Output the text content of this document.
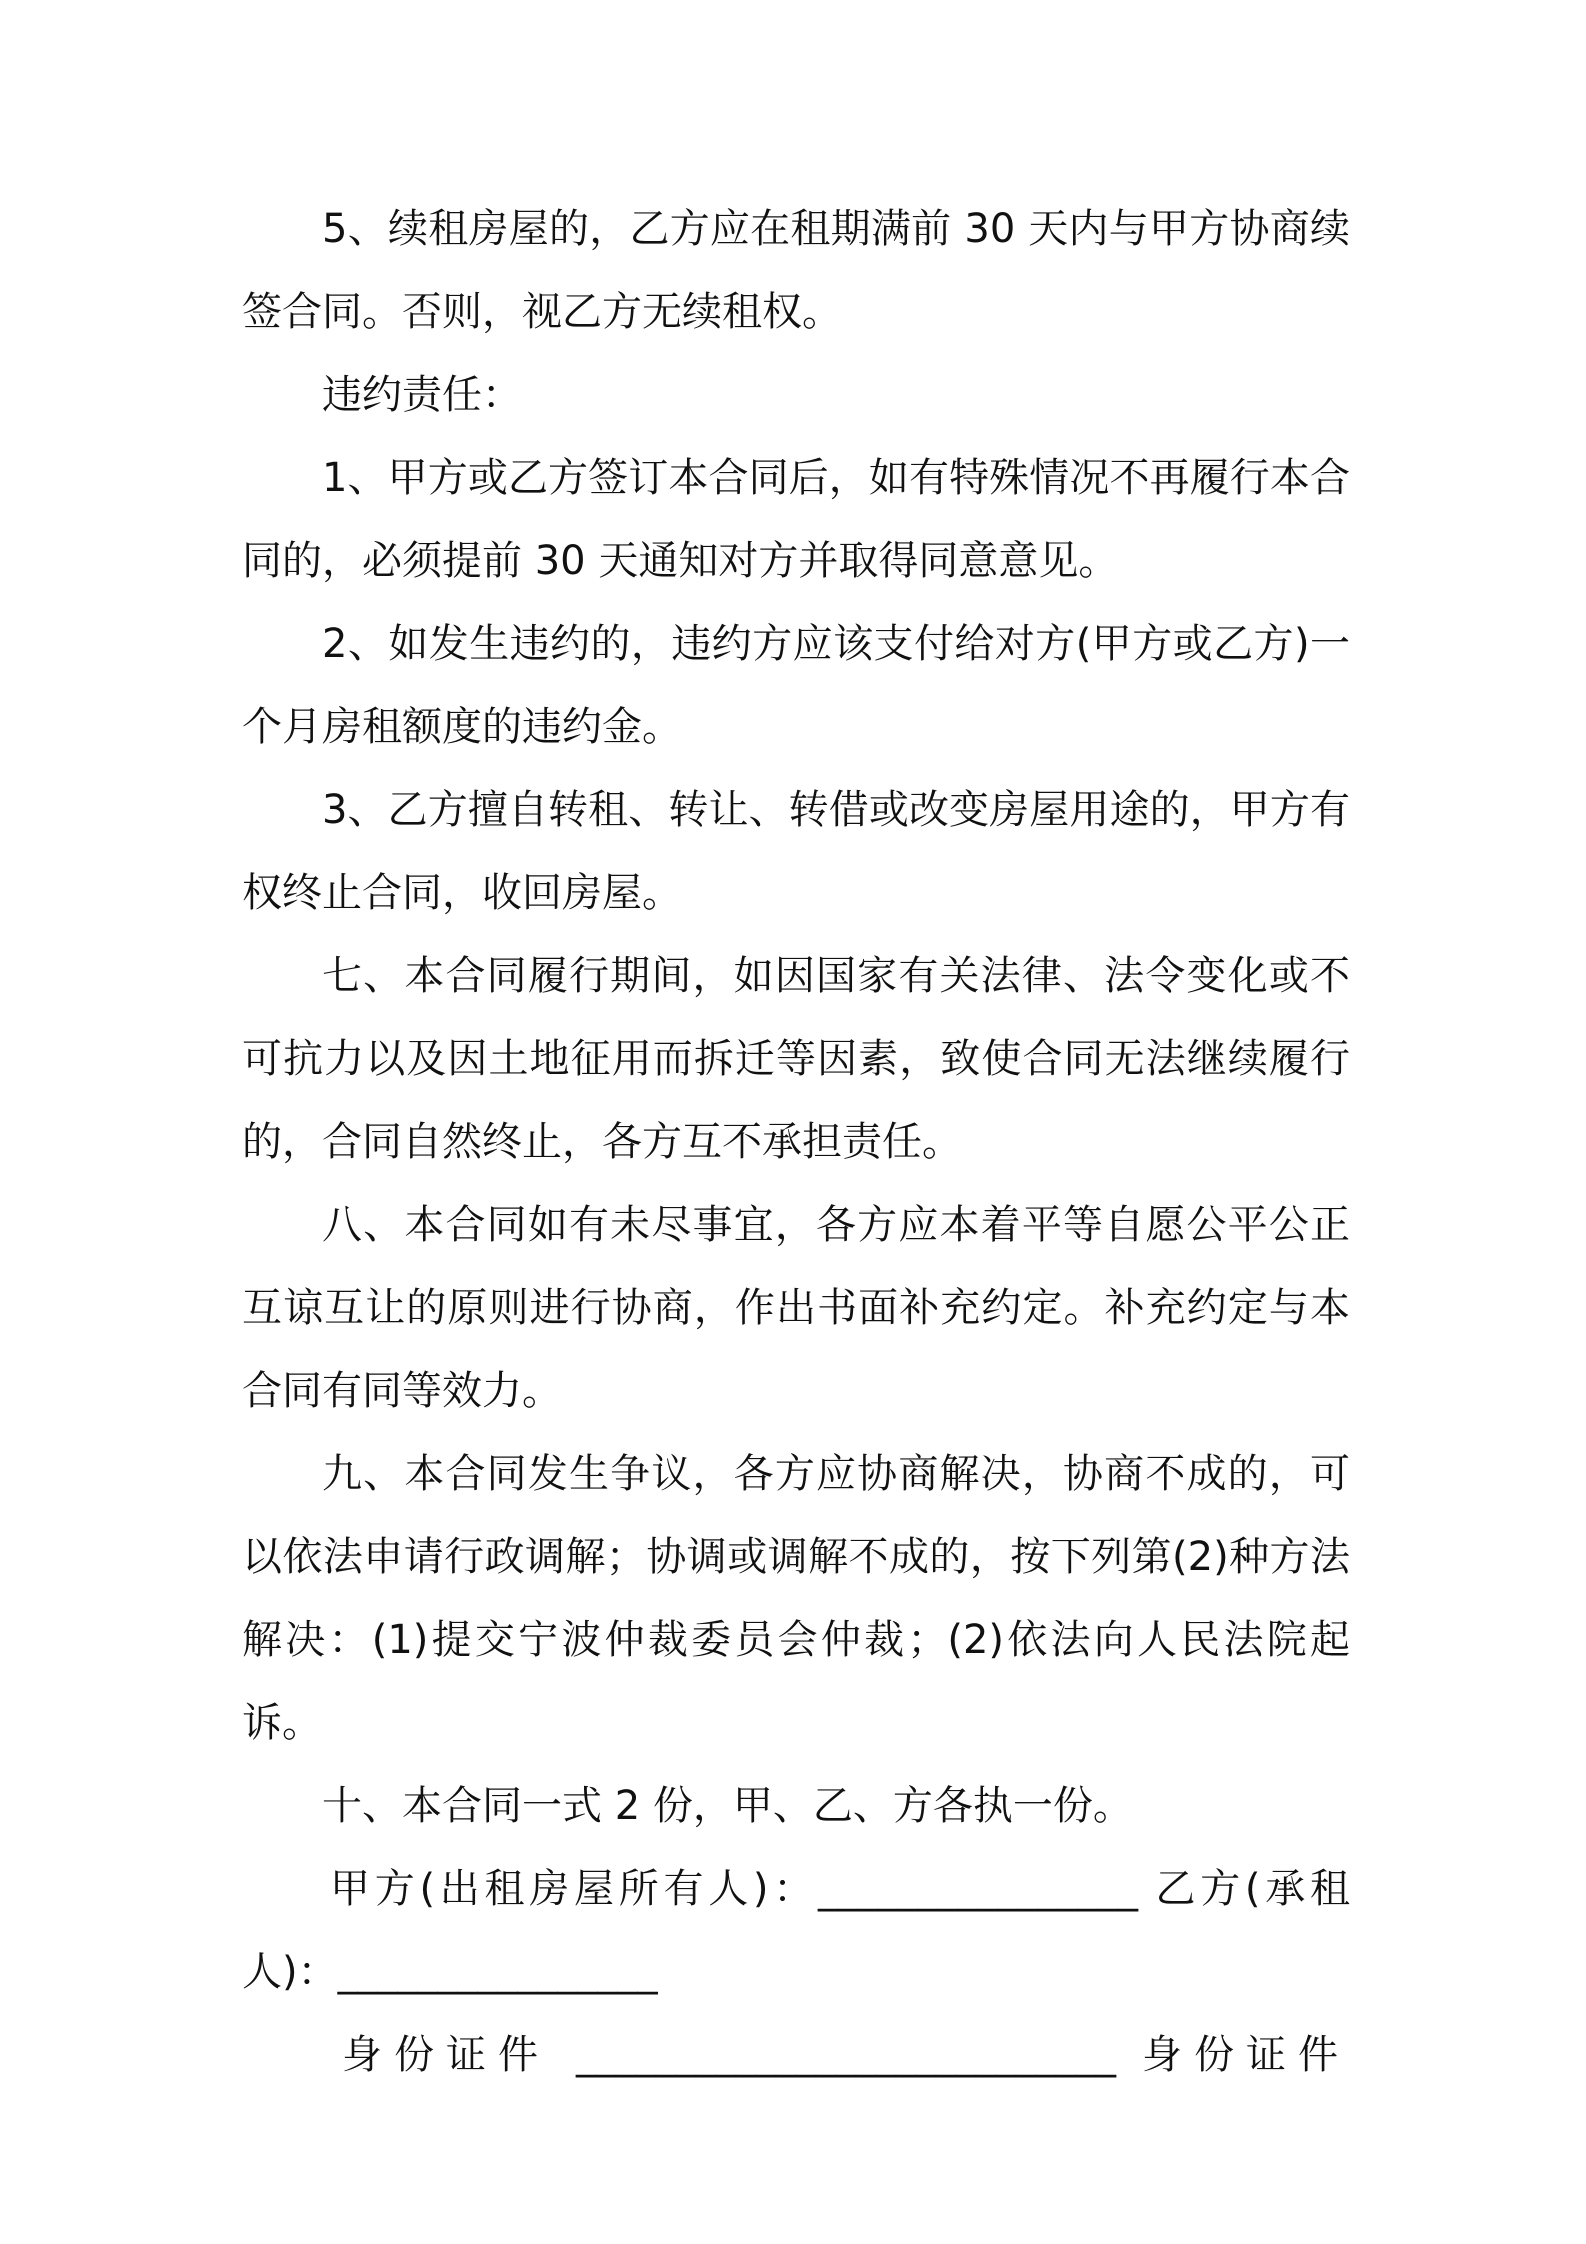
5、续租房屋的，乙方应在租期满前 30 天内与甲方协商续签合同。否则，视乙方无续租权。

违约责任：

1、甲方或乙方签订本合同后，如有特殊情况不再履行本合同的，必须提前 30 天通知对方并取得同意意见。

2、如发生违约的，违约方应该支付给对方(甲方或乙方)一个月房租额度的违约金。

3、乙方擅自转租、转让、转借或改变房屋用途的，甲方有权终止合同，收回房屋。

七、本合同履行期间，如因国家有关法律、法令变化或不可抗力以及因土地征用而拆迁等因素，致使合同无法继续履行的，合同自然终止，各方互不承担责任。

八、本合同如有未尽事宜，各方应本着平等自愿公平公正互谅互让的原则进行协商，作出书面补充约定。补充约定与本合同有同等效力。

九、本合同发生争议，各方应协商解决，协商不成的，可以依法申请行政调解；协调或调解不成的，按下列第(2)种方法解决：(1)提交宁波仲裁委员会仲裁；(2)依法向人民法院起诉。

十、本合同一式 2 份，甲、乙、方各执一份。

甲方(出租房屋所有人)：________________ 乙方(承租人)：________________

身份证件 ___________________________ 身份证件
